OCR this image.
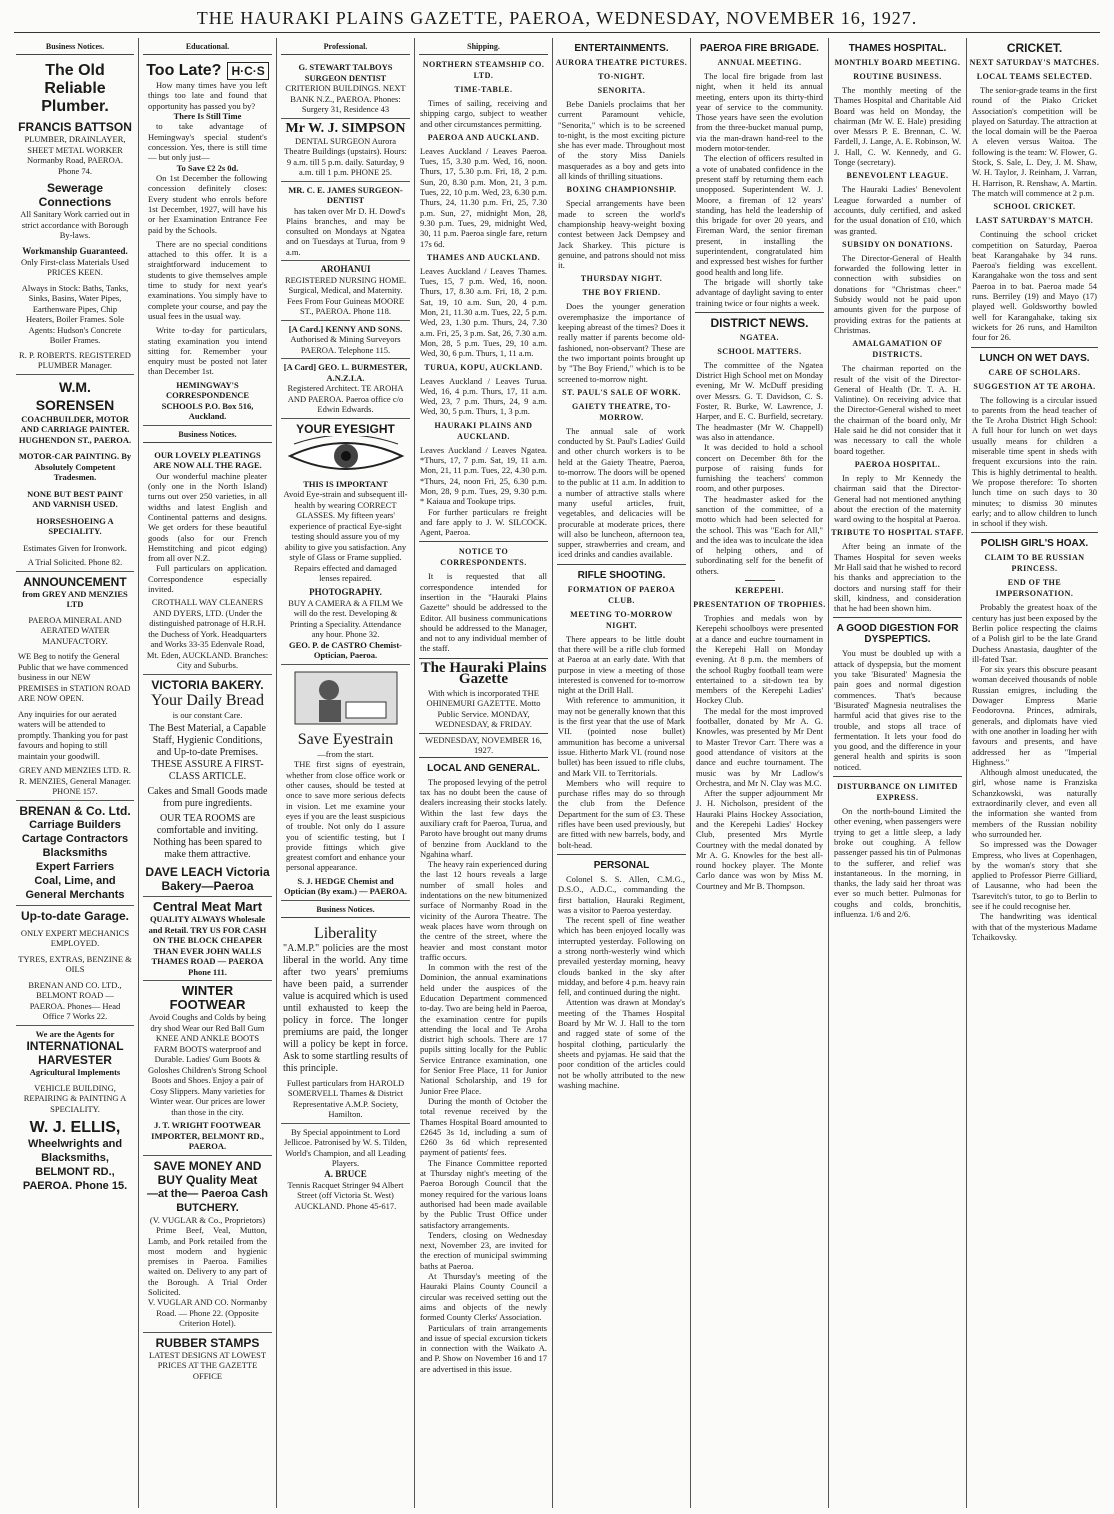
THE HAURAKI PLAINS GAZETTE, PAEROA, WEDNESDAY, NOVEMBER 16, 1927.
Business Notices.
The Old Reliable Plumber.
FRANCIS BATTSON
PLUMBER, DRAINLAYER, SHEET METAL WORKER Normanby Road, PAEROA. Phone 74.
Sewerage Connections
All Sanitary Work carried out in strict accordance with Borough By-laws.
Workmanship Guaranteed.
Only First-class Materials Used PRICES KEEN.
Always in Stock: Baths, Tanks, Sinks, Basins, Water Pipes, Earthenware Pipes, Chip Heaters, Boiler Frames. Sole Agents: Hudson's Concrete Boiler Frames.
R. P. ROBERTS. REGISTERED PLUMBER Manager.
W.M. SORENSEN
COACHBUILDER, MOTOR AND CARRIAGE PAINTER. HUGHENDON ST., PAEROA.
MOTOR-CAR PAINTING. By Absolutely Competent Tradesmen.
NONE BUT BEST PAINT AND VARNISH USED.
HORSESHOEING A SPECIALITY.
Estimates Given for Ironwork.
A Trial Solicited. Phone 82.
ANNOUNCEMENT
from GREY AND MENZIES LTD
PAEROA MINERAL AND AERATED WATER MANUFACTORY.
WE Beg to notify the General Public that we have commenced business in our NEW PREMISES in STATION ROAD ARE NOW OPEN.
Any inquiries for our aerated waters will be attended to promptly. Thanking you for past favours and hoping to still maintain your goodwill.
GREY AND MENZIES LTD. R. R. MENZIES, General Manager. PHONE 157.
BRENAN & Co. Ltd.
Carriage Builders
Cartage Contractors
Blacksmiths
Expert Farriers
Coal, Lime, and
General Merchants
Up-to-date Garage.
ONLY EXPERT MECHANICS EMPLOYED.
TYRES, EXTRAS, BENZINE & OILS
BRENAN AND CO. LTD., BELMONT ROAD — PAEROA. Phones— Head Office 7 Works 22.
We are the Agents for
INTERNATIONAL HARVESTER
Agricultural Implements
VEHICLE BUILDING, REPAIRING & PAINTING A SPECIALITY.
W. J. ELLIS,
Wheelwrights and Blacksmiths, BELMONT RD., PAEROA. Phone 15.
Educational.
Too Late? H·C·S
How many times have you left things too late and found that opportunity has passed you by?
There Is Still Time
to take advantage of Hemingway's special student's concession. Yes, there is still time— but only just—
To Save £2 2s 0d.
On 1st December the following concession definitely closes: Every student who enrols before 1st December, 1927, will have his or her Examination Entrance Fee paid by the Schools.
There are no special conditions attached to this offer. It is a straightforward inducement to students to give themselves ample time to study for next year's examinations. You simply have to complete your course, and pay the usual fees in the usual way.
Write to-day for particulars, stating examination you intend sitting for. Remember your enquiry must be posted not later than December 1st.
HEMINGWAY'S CORRESPONDENCE SCHOOLS P.O. Box 516, Auckland.
Business Notices.
OUR LOVELY PLEATINGS ARE NOW ALL THE RAGE.
Our wonderful machine pleater (only one in the North Island) turns out over 250 varieties, in all widths and latest English and Continental patterns and designs. We get orders for these beautiful goods (also for our French Hemstitching and picot edging) from all over N.Z.
Full particulars on application. Correspondence especially invited.
CROTHALL WAY CLEANERS AND DYERS, LTD. (Under the distinguished patronage of H.R.H. the Duchess of York. Headquarters and Works 33-35 Edenvale Road, Mt. Eden, AUCKLAND. Branches: City and Suburbs.
VICTORIA BAKERY.
Your Daily Bread
is our constant Care.
The Best Material, a Capable Staff, Hygienic Conditions, and Up-to-date Premises. THESE ASSURE A FIRST-CLASS ARTICLE.
Cakes and Small Goods made from pure ingredients.
OUR TEA ROOMS are comfortable and inviting. Nothing has been spared to make them attractive.
DAVE LEACH Victoria Bakery—Paeroa
Central Meat Mart
QUALITY ALWAYS Wholesale and Retail. TRY US FOR CASH ON THE BLOCK CHEAPER THAN EVER JOHN WALLS THAMES ROAD — PAEROA Phone 111.
WINTER FOOTWEAR
Avoid Coughs and Colds by being dry shod Wear our Red Ball Gum KNEE AND ANKLE BOOTS FARM BOOTS waterproof and Durable. Ladies' Gum Boots & Goloshes Children's Strong School Boots and Shoes. Enjoy a pair of Cosy Slippers. Many varieties for Winter wear. Our prices are lower than those in the city.
J. T. WRIGHT FOOTWEAR IMPORTER, BELMONT RD., PAEROA.
SAVE MONEY AND BUY Quality Meat
—at the— Paeroa Cash BUTCHERY.
(V. VUGLAR & Co., Proprietors)
Prime Beef, Veal, Mutton, Lamb, and Pork retailed from the most modern and hygienic premises in Paeroa. Families waited on. Delivery to any part of the Borough. A Trial Order Solicited.
V. VUGLAR AND CO. Normanby Road. — Phone 22. (Opposite Criterion Hotel).
RUBBER STAMPS
LATEST DESIGNS AT LOWEST PRICES AT THE GAZETTE OFFICE
Professional.
G. STEWART TALBOYS SURGEON DENTIST
CRITERION BUILDINGS. NEXT BANK N.Z., PAEROA. Phones: Surgery 31, Residence 43
Mr W. J. SIMPSON
DENTAL SURGEON Aurora Theatre Buildings (upstairs). Hours: 9 a.m. till 5 p.m. daily. Saturday, 9 a.m. till 1 p.m. PHONE 25.
MR. C. E. JAMES SURGEON-DENTIST
has taken over Mr D. H. Dowd's Plains branches, and may be consulted on Mondays at Ngatea and on Tuesdays at Turua, from 9 a.m.
AROHANUI
REGISTERED NURSING HOME. Surgical, Medical, and Maternity. Fees From Four Guineas MOORE ST., PAEROA. Phone 118.
[A Card.] KENNY AND SONS.
Authorised & Mining Surveyors PAEROA. Telephone 115.
[A Card] GEO. L. BURMESTER, A.N.Z.I.A.
Registered Architect. TE AROHA AND PAEROA. Paeroa office c/o Edwin Edwards.
YOUR EYESIGHT
THIS IS IMPORTANT
Avoid Eye-strain and subsequent ill-health by wearing CORRECT GLASSES. My fifteen years' experience of practical Eye-sight testing should assure you of my ability to give you satisfaction. Any style of Glass or Frame supplied. Repairs effected and damaged lenses repaired.
PHOTOGRAPHY.
BUY A CAMERA & A FILM We will do the rest. Developing & Printing a Speciality. Attendance any hour. Phone 32.
GEO. P. de CASTRO Chemist-Optician, Paeroa.
Save Eyestrain
—from the start.
THE first signs of eyestrain, whether from close office work or other causes, should be tested at once to save more serious defects in vision. Let me examine your eyes if you are the least suspicious of trouble. Not only do I assure you of scientific testing, but I provide fittings which give greatest comfort and enhance your personal appearance.
S. J. HEDGE Chemist and Optician (By exam.) — PAEROA.
Business Notices.
Liberality
"A.M.P." policies are the most liberal in the world. Any time after two years' premiums have been paid, a surrender value is acquired which is used until exhausted to keep the policy in force. The longer premiums are paid, the longer will a policy be kept in force. Ask to some startling results of this principle.
Fullest particulars from HAROLD SOMERVELL Thames & District Representative A.M.P. Society, Hamilton.
By Special appointment to Lord Jellicoe. Patronised by W. S. Tilden, World's Champion, and all Leading Players.
A. BRUCE
Tennis Racquet Stringer 94 Albert Street (off Victoria St. West) AUCKLAND. Phone 45-617.
Shipping.
NORTHERN STEAMSHIP CO. LTD.
TIME-TABLE.
Times of sailing, receiving and shipping cargo, subject to weather and other circumstances permitting.
PAEROA AND AUCKLAND.
Leaves Auckland / Leaves Paeroa. Tues, 15, 3.30 p.m. Wed, 16, noon. Thurs, 17, 5.30 p.m. Fri, 18, 2 p.m. Sun, 20, 8.30 p.m. Mon, 21, 3 p.m. Tues, 22, 10 p.m. Wed, 23, 6.30 p.m. Thurs, 24, 11.30 p.m. Fri, 25, 7.30 p.m. Sun, 27, midnight Mon, 28, 9.30 p.m. Tues, 29, midnight Wed, 30, 11 p.m. Paeroa single fare, return 17s 6d.
THAMES AND AUCKLAND.
Leaves Auckland / Leaves Thames. Tues, 15, 7 p.m. Wed, 16, noon. Thurs, 17, 8.30 a.m. Fri, 18, 2 p.m. Sat, 19, 10 a.m. Sun, 20, 4 p.m. Mon, 21, 11.30 a.m. Tues, 22, 5 p.m. Wed, 23, 1.30 p.m. Thurs, 24, 7.30 a.m. Fri, 25, 3 p.m. Sat, 26, 7.30 a.m. Mon, 28, 5 p.m. Tues, 29, 10 a.m. Wed, 30, 6 p.m. Thurs, 1, 11 a.m.
TURUA, KOPU, AUCKLAND.
Leaves Auckland / Leaves Turua. Wed, 16, 4 p.m. Thurs, 17, 11 a.m. Wed, 23, 7 p.m. Thurs, 24, 9 a.m. Wed, 30, 5 p.m. Thurs, 1, 3 p.m.
HAURAKI PLAINS AND AUCKLAND.
Leaves Auckland / Leaves Ngatea. *Thurs, 17, 7 p.m. Sat, 19, 11 a.m. Mon, 21, 11 p.m. Tues, 22, 4.30 p.m. *Thurs, 24, noon Fri, 25, 6.30 p.m. Mon, 28, 9 p.m. Tues, 29, 9.30 p.m. * Kaiaua and Tookupe trips.
For further particulars re freight and fare apply to J. W. SILCOCK. Agent, Paeroa.
NOTICE TO CORRESPONDENTS.
It is requested that all correspondence intended for insertion in the "Hauraki Plains Gazette" should be addressed to the Editor. All business communications should be addressed to the Manager, and not to any individual member of the staff.
The Hauraki Plains Gazette
With which is incorporated THE OHINEMURI GAZETTE. Motto Public Service. MONDAY, WEDNESDAY, & FRIDAY.
WEDNESDAY, NOVEMBER 16, 1927.
LOCAL AND GENERAL.
The proposed levying of the petrol tax has no doubt been the cause of dealers increasing their stocks lately. Within the last few days the auxiliary craft for Paeroa, Turua, and Paroto have brought out many drums of benzine from Auckland to the Ngahina wharf.
The heavy rain experienced during the last 12 hours reveals a large number of small holes and indentations on the new bitumenized surface of Normanby Road in the vicinity of the Aurora Theatre. The weak places have worn through on the centre of the street, where the heavier and most constant motor traffic occurs.
In common with the rest of the Dominion, the annual examinations held under the auspices of the Education Department commenced to-day. Two are being held in Paeroa, the examination centre for pupils attending the local and Te Aroha district high schools. There are 17 pupils sitting locally for the Public Service Entrance examination, one for Senior Free Place, 11 for Junior National Scholarship, and 19 for Junior Free Place.
During the month of October the total revenue received by the Thames Hospital Board amounted to £2645 3s 1d, including a sum of £260 3s 6d which represented payment of patients' fees.
The Finance Committee reported at Thursday night's meeting of the Paeroa Borough Council that the money required for the various loans authorised had been made available by the Public Trust Office under satisfactory arrangements.
Tenders, closing on Wednesday next, November 23, are invited for the erection of municipal swimming baths at Paeroa.
At Thursday's meeting of the Hauraki Plains County Council a circular was received setting out the aims and objects of the newly formed County Clerks' Association.
Particulars of train arrangements and issue of special excursion tickets in connection with the Waikato A. and P. Show on November 16 and 17 are advertised in this issue.
ENTERTAINMENTS.
AURORA THEATRE PICTURES.
TO-NIGHT.
SENORITA.
Bebe Daniels proclaims that her current Paramount vehicle, "Senorita," which is to be screened to-night, is the most exciting picture she has ever made. Throughout most of the story Miss Daniels masquerades as a boy and gets into all kinds of thrilling situations.
BOXING CHAMPIONSHIP.
Special arrangements have been made to screen the world's championship heavy-weight boxing contest between Jack Dempsey and Jack Sharkey. This picture is genuine, and patrons should not miss it.
THURSDAY NIGHT.
THE BOY FRIEND.
Does the younger generation overemphasize the importance of keeping abreast of the times? Does it really matter if parents become old-fashioned, non-observant? These are the two important points brought up by "The Boy Friend," which is to be screened to-morrow night.
ST. PAUL'S SALE OF WORK.
GAIETY THEATRE, TO-MORROW.
The annual sale of work conducted by St. Paul's Ladies' Guild and other church workers is to be held at the Gaiety Theatre, Paeroa, to-morrow. The doors will be opened to the public at 11 a.m. In addition to a number of attractive stalls where many useful articles, fruit, vegetables, and delicacies will be procurable at moderate prices, there will also be luncheon, afternoon tea, supper, strawberries and cream, and iced drinks and candies available.
RIFLE SHOOTING.
FORMATION OF PAEROA CLUB.
MEETING TO-MORROW NIGHT.
There appears to be little doubt that there will be a rifle club formed at Paeroa at an early date. With that purpose in view a meeting of those interested is convened for to-morrow night at the Drill Hall.
With reference to ammunition, it may not be generally known that this is the first year that the use of Mark VII. (pointed nose bullet) ammunition has become a universal issue. Hitherto Mark VI. (round nose bullet) has been issued to rifle clubs, and Mark VII. to Territorials.
Members who will require to purchase rifles may do so through the club from the Defence Department for the sum of £3. These rifles have been used previously, but are fitted with new barrels, body, and bolt-head.
PERSONAL
Colonel S. S. Allen, C.M.G., D.S.O., A.D.C., commanding the first battalion, Hauraki Regiment, was a visitor to Paeroa yesterday.
The recent spell of fine weather which has been enjoyed locally was interrupted yesterday. Following on a strong north-westerly wind which prevailed yesterday morning, heavy clouds banked in the sky after midday, and before 4 p.m. heavy rain fell, and continued during the night.
Attention was drawn at Monday's meeting of the Thames Hospital Board by Mr W. J. Hall to the torn and ragged state of some of the hospital clothing, particularly the sheets and pyjamas. He said that the poor condition of the articles could not be wholly attributed to the new washing machine.
PAEROA FIRE BRIGADE.
ANNUAL MEETING.
The local fire brigade from last night, when it held its annual meeting, enters upon its thirty-third year of service to the community. Those years have seen the evolution from the three-bucket manual pump, via the man-drawn hand-reel to the modern motor-tender.
The election of officers resulted in a vote of unabated confidence in the present staff by returning them each unopposed. Superintendent W. J. Moore, a fireman of 12 years' standing, has held the leadership of this brigade for over 20 years, and Fireman Ward, the senior fireman present, in installing the superintendent, congratulated him and expressed best wishes for further good health and long life.
The brigade will shortly take advantage of daylight saving to enter training twice or four nights a week.
DISTRICT NEWS.
NGATEA.
SCHOOL MATTERS.
The committee of the Ngatea District High School met on Monday evening, Mr W. McDuff presiding over Messrs. G. T. Davidson, C. S. Foster, R. Burke, W. Lawrence, J. Harper, and E. C. Burfield, secretary. The headmaster (Mr W. Chappell) was also in attendance.
It was decided to hold a school concert on December 8th for the purpose of raising funds for furnishing the teachers' common room, and other purposes.
The headmaster asked for the sanction of the committee, of a motto which had been selected for the school. This was "Each for All," and the idea was to inculcate the idea of helping others, and of subordinating self for the benefit of others.
KEREPEHI.
PRESENTATION OF TROPHIES.
Trophies and medals won by Kerepehi schoolboys were presented at a dance and euchre tournament in the Kerepehi Hall on Monday evening. At 8 p.m. the members of the school Rugby football team were entertained to a sit-down tea by members of the Kerepehi Ladies' Hockey Club.
The medal for the most improved footballer, donated by Mr A. G. Knowles, was presented by Mr Dent to Master Trevor Carr. There was a good attendance of visitors at the dance and euchre tournament. The music was by Mr Ladlow's Orchestra, and Mr N. Clay was M.C.
After the supper adjournment Mr J. H. Nicholson, president of the Hauraki Plains Hockey Association, and the Kerepehi Ladies' Hockey Club, presented Mrs Myrtle Courtney with the medal donated by Mr A. G. Knowles for the best all-round hockey player. The Monte Carlo dance was won by Miss M. Courtney and Mr B. Thompson.
THAMES HOSPITAL.
MONTHLY BOARD MEETING.
ROUTINE BUSINESS.
The monthly meeting of the Thames Hospital and Charitable Aid Board was held on Monday, the chairman (Mr W. E. Hale) presiding over Messrs P. E. Brennan, C. W. Fardell, J. Lange, A. E. Robinson, W. J. Hall, C. W. Kennedy, and G. Tonge (secretary).
BENEVOLENT LEAGUE.
The Hauraki Ladies' Benevolent League forwarded a number of accounts, duly certified, and asked for the usual donation of £10, which was granted.
SUBSIDY ON DONATIONS.
The Director-General of Health forwarded the following letter in connection with subsidies on donations for "Christmas cheer." Subsidy would not be paid upon amounts given for the purpose of providing extras for the patients at Christmas.
AMALGAMATION OF DISTRICTS.
The chairman reported on the result of the visit of the Director-General of Health (Dr. T. A. H. Valintine). On receiving advice that the Director-General wished to meet the chairman of the board only, Mr Hale said he did not consider that it was necessary to call the whole board together.
PAEROA HOSPITAL.
In reply to Mr Kennedy the chairman said that the Director-General had not mentioned anything about the erection of the maternity ward owing to the hospital at Paeroa.
TRIBUTE TO HOSPITAL STAFF.
After being an inmate of the Thames Hospital for seven weeks Mr Hall said that he wished to record his thanks and appreciation to the doctors and nursing staff for their skill, kindness, and consideration that he had been shown him.
A GOOD DIGESTION FOR DYSPEPTICS.
You must be doubled up with a attack of dyspepsia, but the moment you take 'Bisurated' Magnesia the pain goes and normal digestion commences. That's because 'Bisurated' Magnesia neutralises the harmful acid that gives rise to the trouble, and stops all trace of fermentation. It lets your food do you good, and the difference in your general health and spirits is soon noticed.
DISTURBANCE ON LIMITED EXPRESS.
On the north-bound Limited the other evening, when passengers were trying to get a little sleep, a lady broke out coughing. A fellow passenger passed his tin of Pulmonas to the sufferer, and relief was instantaneous. In the morning, in thanks, the lady said her throat was ever so much better. Pulmonas for coughs and colds, bronchitis, influenza. 1/6 and 2/6.
CRICKET.
NEXT SATURDAY'S MATCHES.
LOCAL TEAMS SELECTED.
The senior-grade teams in the first round of the Piako Cricket Association's competition will be played on Saturday. The attraction at the local domain will be the Paeroa A eleven versus Waitoa. The following is the team: W. Flower, G. Stock, S. Sale, L. Dey, J. M. Shaw, W. H. Taylor, J. Reinham, J. Varran, H. Harrison, R. Renshaw, A. Martin. The match will commence at 2 p.m.
SCHOOL CRICKET.
LAST SATURDAY'S MATCH.
Continuing the school cricket competition on Saturday, Paeroa beat Karangahake by 34 runs. Paeroa's fielding was excellent. Karangahake won the toss and sent Paeroa in to bat. Paeroa made 54 runs. Berriley (19) and Mayo (17) played well. Goldsworthy bowled well for Karangahake, taking six wickets for 26 runs, and Hamilton four for 26.
LUNCH ON WET DAYS.
CARE OF SCHOLARS.
SUGGESTION AT TE AROHA.
The following is a circular issued to parents from the head teacher of the Te Aroha District High School: A full hour for lunch on wet days usually means for children a miserable time spent in sheds with frequent excursions into the rain. This is highly detrimental to health. We propose therefore: To shorten lunch time on such days to 30 minutes; to dismiss 30 minutes early; and to allow children to lunch in school if they wish.
POLISH GIRL'S HOAX.
CLAIM TO BE RUSSIAN PRINCESS.
END OF THE IMPERSONATION.
Probably the greatest hoax of the century has just been exposed by the Berlin police respecting the claims of a Polish girl to be the late Grand Duchess Anastasia, daughter of the ill-fated Tsar.
For six years this obscure peasant woman deceived thousands of noble Russian emigres, including the Dowager Empress Marie Feodorovna. Princes, admirals, generals, and diplomats have vied with one another in loading her with favours and presents, and have addressed her as "Imperial Highness."
Although almost uneducated, the girl, whose name is Franziska Schanzkowski, was naturally extraordinarily clever, and even all the information she wanted from members of the Russian nobility who surrounded her.
So impressed was the Dowager Empress, who lives at Copenhagen, by the woman's story that she applied to Professor Pierre Gilliard, of Lausanne, who had been the Tsarevitch's tutor, to go to Berlin to see if he could recognise her.
The handwriting was identical with that of the mysterious Madame Tchaikovsky.
